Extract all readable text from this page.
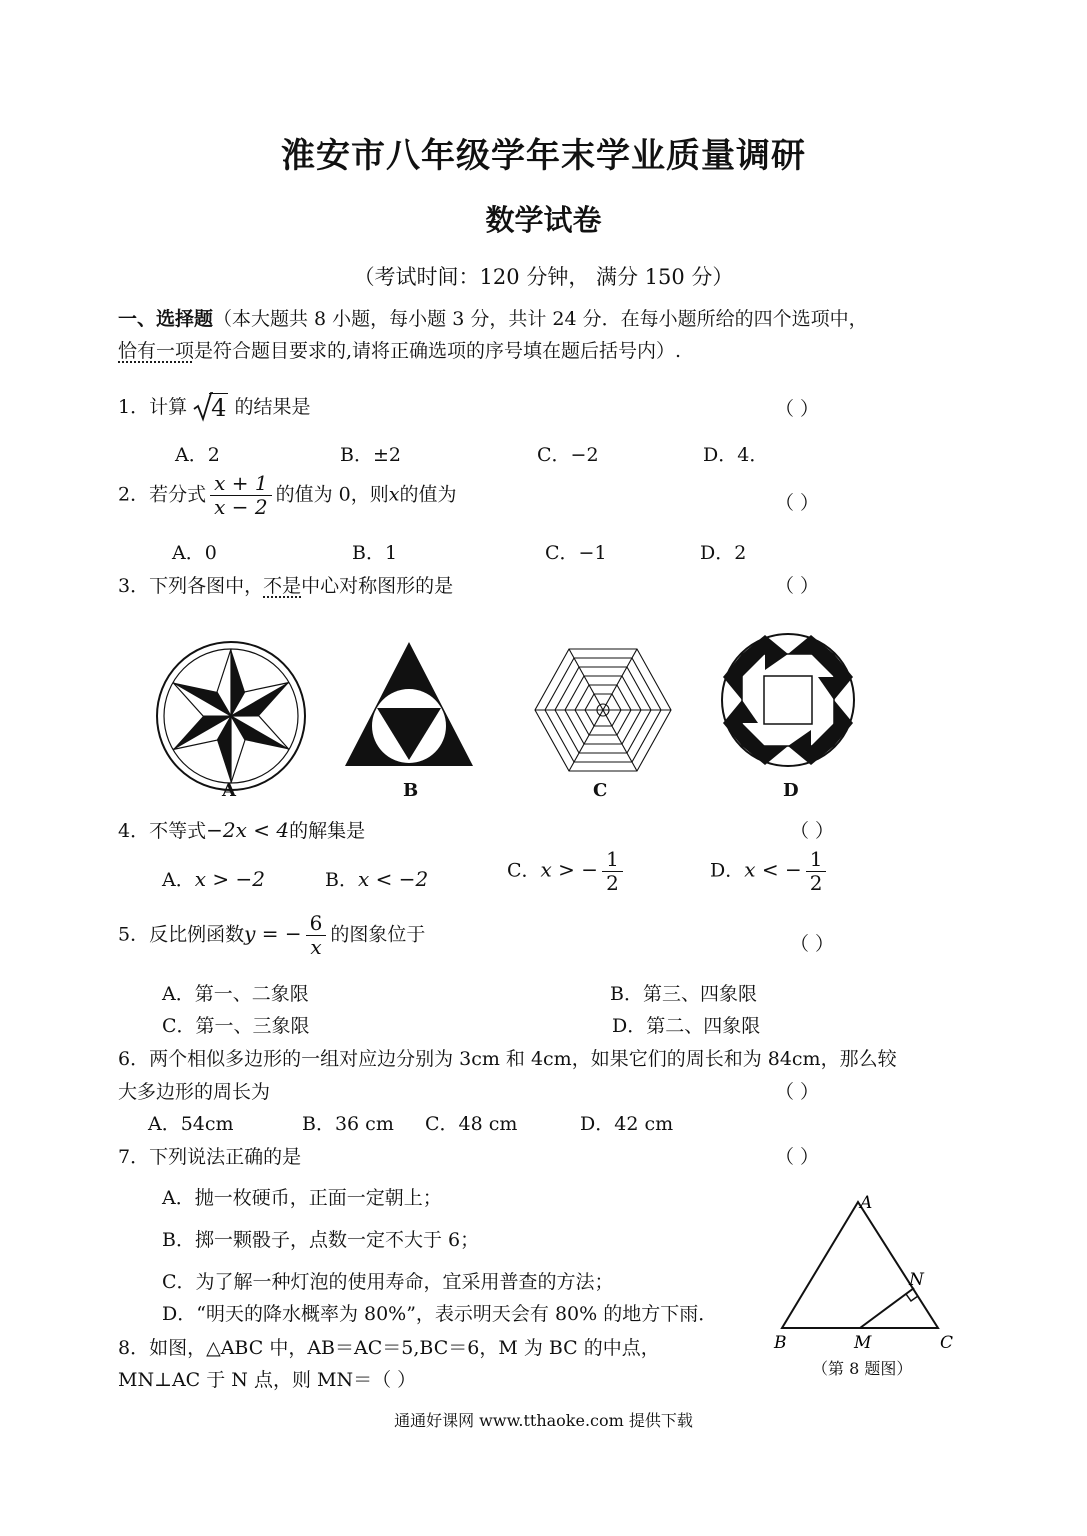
淮安市八年级学年末学业质量调研
数学试卷
（考试时间：120 分钟， 满分 150 分）
一、选择题（本大题共 8 小题，每小题 3 分，共计 24 分．在每小题所给的四个选项中，
恰有一项是符合题目要求的,请将正确选项的序号填在题后括号内）.
1．计算 4 的结果是	（ ）
A．2	B．±2	C．−2	D．4．
2．若分式 $\frac{x + 1}{x - 2}$ 的值为 0，则x的值为	（ ）
A．0	B．1	C．−1	D．2
3．下列各图中，不是中心对称图形的是	（ ）
A	B	C	D
4．不等式−2x < 4的解集是	（ ）
A．x > −2	B．x < −2	C．x > − $\frac{1}{2}$	D．x < − $\frac{1}{2}$
5．反比例函数y = − $\frac{6}{x}$ 的图象位于	（ ）
A．第一、二象限	B．第三、四象限
C．第一、三象限	D．第二、四象限
6．两个相似多边形的一组对应边分别为 3cm 和 4cm，如果它们的周长和为 84cm，那么较
大多边形的周长为	（ ）
A．54cm	B．36 cm C．48 cm	D．42 cm
7．下列说法正确的是	（ ）
A．抛一枚硬币，正面一定朝上；
B．掷一颗骰子，点数一定不大于 6；
C．为了解一种灯泡的使用寿命，宜采用普查的方法；
D．“明天的降水概率为 80%”，表示明天会有 80% 的地方下雨．
8．如图，△ABC 中，AB＝AC＝5,BC＝6，M 为 BC 的中点，
MN⊥AC 于 N 点，则 MN＝（ ）
A
B	C
M
N
（第 8 题图）
通通好课网 www.tthaoke.com 提供下载
